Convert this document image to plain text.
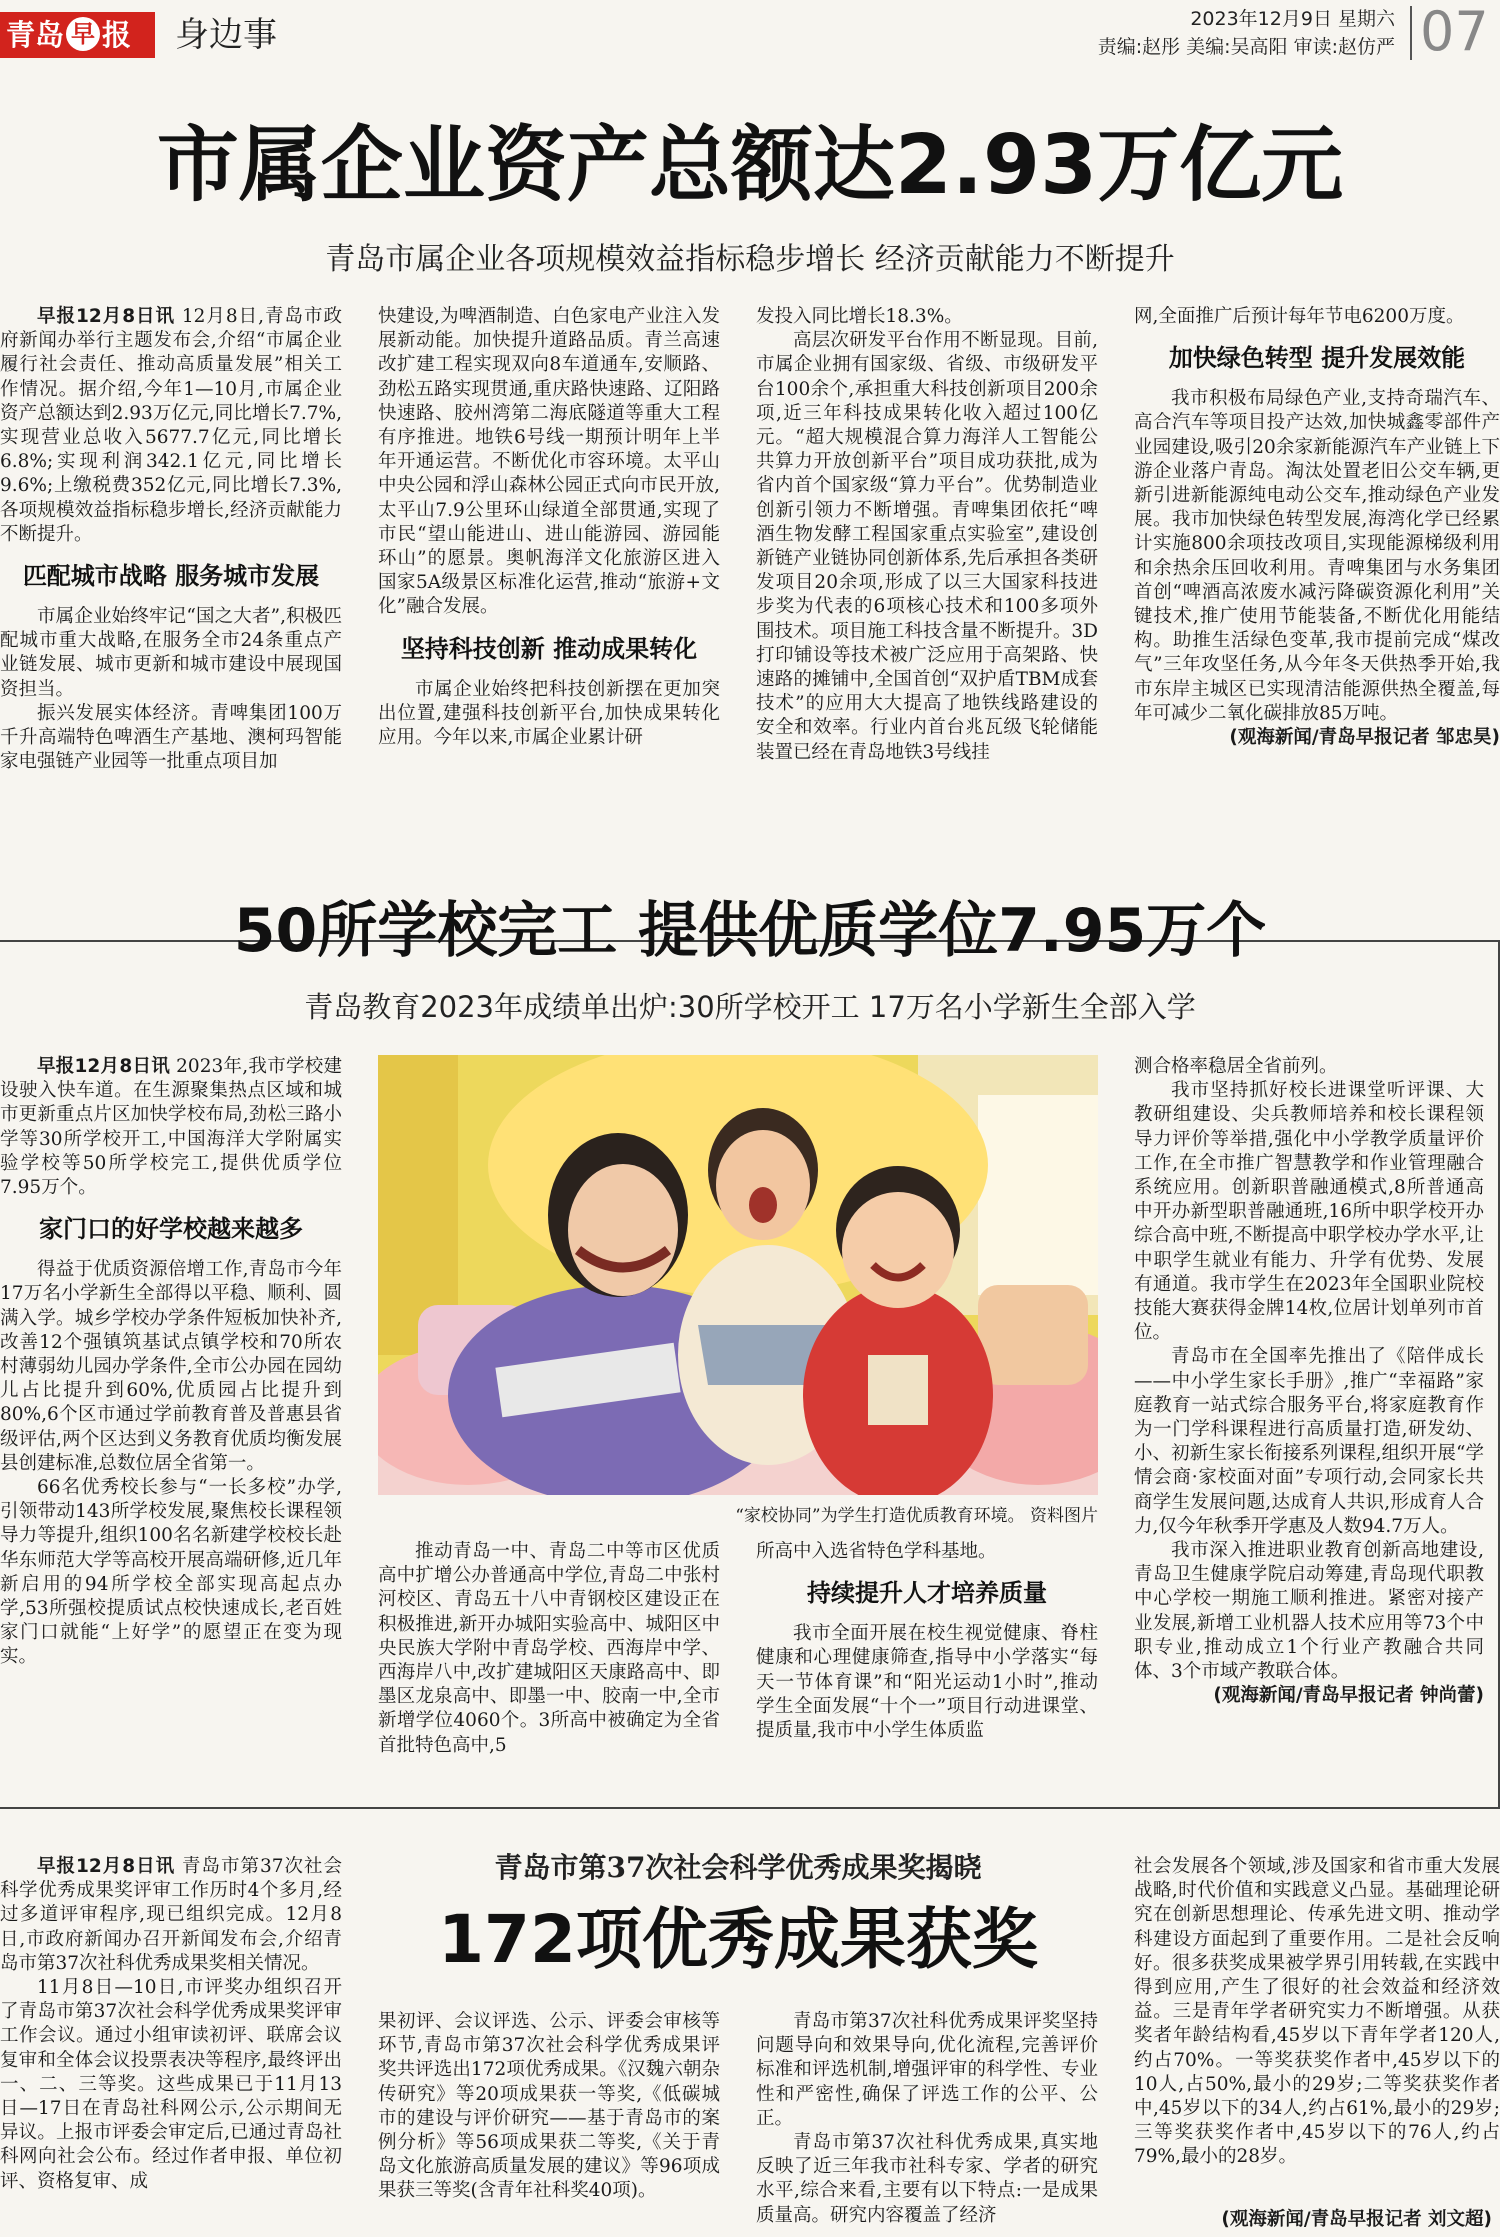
青岛 早 报	身边事	2023年12月9日 星期六
责编:赵彤 美编:吴高阳 审读:赵仿严 07
市属企业资产总额达2.93万亿元
青岛市属企业各项规模效益指标稳步增长 经济贡献能力不断提升

早报12月8日讯 12月8日,青岛市政府新闻办举行主题发布会,介绍“市属企业履行社会责任、推动高质量发展”相关工作情况。据介绍,今年1—10月,市属企业资产总额达到2.93万亿元,同比增长7.7%,实现营业总收入5677.7亿元,同比增长6.8%;实现利润342.1亿元,同比增长9.6%;上缴税费352亿元,同比增长7.3%,各项规模效益指标稳步增长,经济贡献能力不断提升。

匹配城市战略 服务城市发展

市属企业始终牢记“国之大者”,积极匹配城市重大战略,在服务全市24条重点产业链发展、城市更新和城市建设中展现国资担当。

振兴发展实体经济。青啤集团100万千升高端特色啤酒生产基地、澳柯玛智能家电强链产业园等一批重点项目加

快建设,为啤酒制造、白色家电产业注入发展新动能。加快提升道路品质。青兰高速改扩建工程实现双向8车道通车,安顺路、劲松五路实现贯通,重庆路快速路、辽阳路快速路、胶州湾第二海底隧道等重大工程有序推进。地铁6号线一期预计明年上半年开通运营。不断优化市容环境。太平山中央公园和浮山森林公园正式向市民开放,太平山7.9公里环山绿道全部贯通,实现了市民“望山能进山、进山能游园、游园能环山”的愿景。奥帆海洋文化旅游区进入国家5A级景区标准化运营,推动“旅游+文化”融合发展。

坚持科技创新 推动成果转化

市属企业始终把科技创新摆在更加突出位置,建强科技创新平台,加快成果转化应用。今年以来,市属企业累计研

发投入同比增长18.3%。

高层次研发平台作用不断显现。目前,市属企业拥有国家级、省级、市级研发平台100余个,承担重大科技创新项目200余项,近三年科技成果转化收入超过100亿元。“超大规模混合算力海洋人工智能公共算力开放创新平台”项目成功获批,成为省内首个国家级“算力平台”。优势制造业创新引领力不断增强。青啤集团依托“啤酒生物发酵工程国家重点实验室”,建设创新链产业链协同创新体系,先后承担各类研发项目20余项,形成了以三大国家科技进步奖为代表的6项核心技术和100多项外围技术。项目施工科技含量不断提升。3D打印铺设等技术被广泛应用于高架路、快速路的摊铺中,全国首创“双护盾TBM成套技术”的应用大大提高了地铁线路建设的安全和效率。行业内首台兆瓦级飞轮储能装置已经在青岛地铁3号线挂

网,全面推广后预计每年节电6200万度。

加快绿色转型 提升发展效能

我市积极布局绿色产业,支持奇瑞汽车、高合汽车等项目投产达效,加快城鑫零部件产业园建设,吸引20余家新能源汽车产业链上下游企业落户青岛。淘汰处置老旧公交车辆,更新引进新能源纯电动公交车,推动绿色产业发展。我市加快绿色转型发展,海湾化学已经累计实施800余项技改项目,实现能源梯级利用和余热余压回收利用。青啤集团与水务集团首创“啤酒高浓废水减污降碳资源化利用”关键技术,推广使用节能装备,不断优化用能结构。助推生活绿色变革,我市提前完成“煤改气”三年攻坚任务,从今年冬天供热季开始,我市东岸主城区已实现清洁能源供热全覆盖,每年可减少二氧化碳排放85万吨。

(观海新闻/青岛早报记者 邹忠昊)

50所学校完工 提供优质学位7.95万个
青岛教育2023年成绩单出炉:30所学校开工 17万名小学新生全部入学

早报12月8日讯 2023年,我市学校建设驶入快车道。在生源聚集热点区域和城市更新重点片区加快学校布局,劲松三路小学等30所学校开工,中国海洋大学附属实验学校等50所学校完工,提供优质学位7.95万个。

家门口的好学校越来越多

得益于优质资源倍增工作,青岛市今年17万名小学新生全部得以平稳、顺利、圆满入学。城乡学校办学条件短板加快补齐,改善12个强镇筑基试点镇学校和70所农村薄弱幼儿园办学条件,全市公办园在园幼儿占比提升到60%,优质园占比提升到80%,6个区市通过学前教育普及普惠县省级评估,两个区达到义务教育优质均衡发展县创建标准,总数位居全省第一。

66名优秀校长参与“一长多校”办学,引领带动143所学校发展,聚焦校长课程领导力等提升,组织100名名新建学校校长赴华东师范大学等高校开展高端研修,近几年新启用的94所学校全部实现高起点办学,53所强校提质试点校快速成长,老百姓家门口就能“上好学”的愿望正在变为现实。

“家校协同”为学生打造优质教育环境。 资料图片

推动青岛一中、青岛二中等市区优质高中扩增公办普通高中学位,青岛二中张村河校区、青岛五十八中青钢校区建设正在积极推进,新开办城阳实验高中、城阳区中央民族大学附中青岛学校、西海岸中学、西海岸八中,改扩建城阳区天康路高中、即墨区龙泉高中、即墨一中、胶南一中,全市新增学位4060个。3所高中被确定为全省首批特色高中,5

所高中入选省特色学科基地。

持续提升人才培养质量

我市全面开展在校生视觉健康、脊柱健康和心理健康筛查,指导中小学落实“每天一节体育课”和“阳光运动1小时”,推动学生全面发展“十个一”项目行动进课堂、提质量,我市中小学生体质监

测合格率稳居全省前列。

我市坚持抓好校长进课堂听评课、大教研组建设、尖兵教师培养和校长课程领导力评价等举措,强化中小学教学质量评价工作,在全市推广智慧教学和作业管理融合系统应用。创新职普融通模式,8所普通高中开办新型职普融通班,16所中职学校开办综合高中班,不断提高中职学校办学水平,让中职学生就业有能力、升学有优势、发展有通道。我市学生在2023年全国职业院校技能大赛获得金牌14枚,位居计划单列市首位。

青岛市在全国率先推出了《陪伴成长——中小学生家长手册》,推广“幸福路”家庭教育一站式综合服务平台,将家庭教育作为一门学科课程进行高质量打造,研发幼、小、初新生家长衔接系列课程,组织开展“学情会商·家校面对面”专项行动,会同家长共商学生发展问题,达成育人共识,形成育人合力,仅今年秋季开学惠及人数94.7万人。

我市深入推进职业教育创新高地建设,青岛卫生健康学院启动筹建,青岛现代职教中心学校一期施工顺利推进。紧密对接产业发展,新增工业机器人技术应用等73个中职专业,推动成立1个行业产教融合共同体、3个市域产教联合体。

(观海新闻/青岛早报记者 钟尚蕾)

青岛市第37次社会科学优秀成果奖揭晓
172项优秀成果获奖

早报12月8日讯 青岛市第37次社会科学优秀成果奖评审工作历时4个多月,经过多道评审程序,现已组织完成。12月8日,市政府新闻办召开新闻发布会,介绍青岛市第37次社科优秀成果奖相关情况。

11月8日—10日,市评奖办组织召开了青岛市第37次社会科学优秀成果奖评审工作会议。通过小组审读初评、联席会议复审和全体会议投票表决等程序,最终评出一、二、三等奖。这些成果已于11月13日—17日在青岛社科网公示,公示期间无异议。上报市评委会审定后,已通过青岛社科网向社会公布。经过作者申报、单位初评、资格复审、成

果初评、会议评选、公示、评委会审核等环节,青岛市第37次社会科学优秀成果评奖共评选出172项优秀成果。《汉魏六朝杂传研究》等20项成果获一等奖,《低碳城市的建设与评价研究——基于青岛市的案例分析》等56项成果获二等奖,《关于青岛文化旅游高质量发展的建议》等96项成果获三等奖(含青年社科奖40项)。

青岛市第37次社科优秀成果评奖坚持问题导向和效果导向,优化流程,完善评价标准和评选机制,增强评审的科学性、专业性和严密性,确保了评选工作的公平、公正。

青岛市第37次社科优秀成果,真实地反映了近三年我市社科专家、学者的研究水平,综合来看,主要有以下特点:一是成果质量高。研究内容覆盖了经济

社会发展各个领域,涉及国家和省市重大发展战略,时代价值和实践意义凸显。基础理论研究在创新思想理论、传承先进文明、推动学科建设方面起到了重要作用。二是社会反响好。很多获奖成果被学界引用转载,在实践中得到应用,产生了很好的社会效益和经济效益。三是青年学者研究实力不断增强。从获奖者年龄结构看,45岁以下青年学者120人,约占70%。一等奖获奖作者中,45岁以下的10人,占50%,最小的29岁;二等奖获奖作者中,45岁以下的34人,约占61%,最小的29岁;三等奖获奖作者中,45岁以下的76人,约占79%,最小的28岁。

(观海新闻/青岛早报记者 刘文超)
